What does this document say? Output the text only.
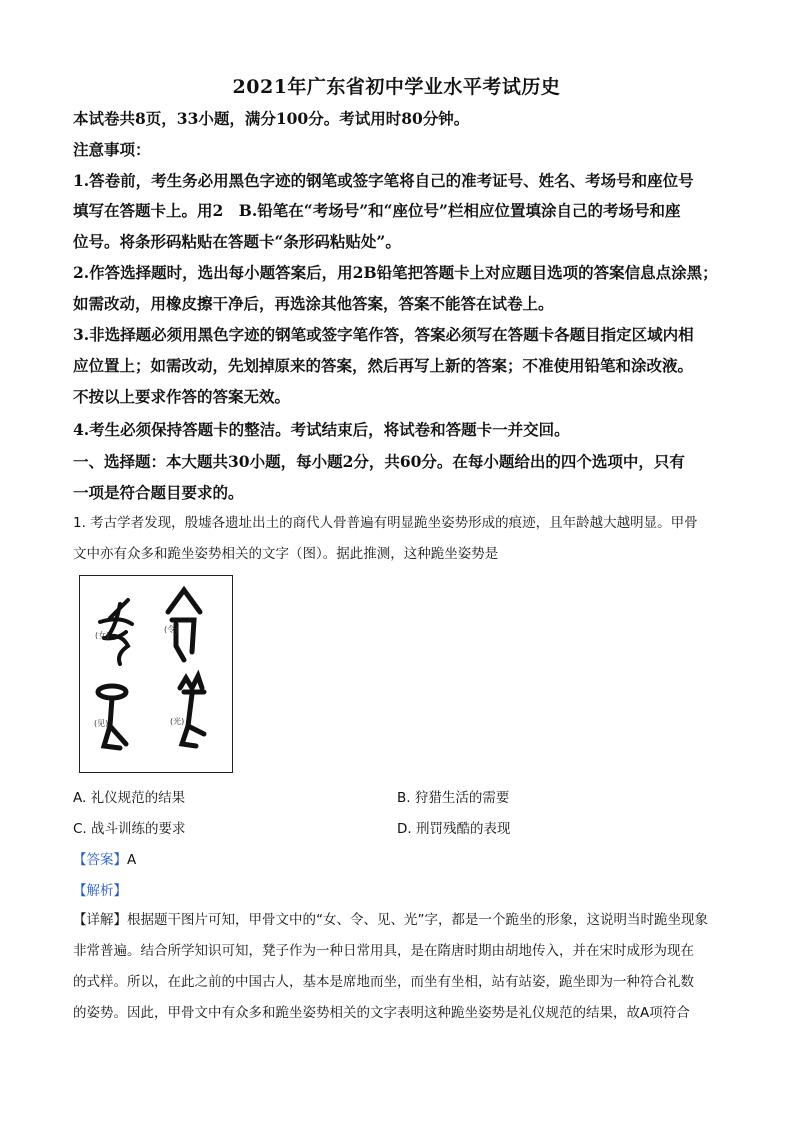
2021年广东省初中学业水平考试历史
本试卷共8页，33小题，满分100分。考试用时80分钟。
注意事项：
1.答卷前，考生务必用黑色字迹的钢笔或签字笔将自己的准考证号、姓名、考场号和座位号
填写在答题卡上。用2　B.铅笔在“考场号”和“座位号”栏相应位置填涂自己的考场号和座
位号。将条形码粘贴在答题卡“条形码粘贴处”。
2.作答选择题时，选出每小题答案后，用2B铅笔把答题卡上对应题目选项的答案信息点涂黑；
如需改动，用橡皮擦干净后，再选涂其他答案，答案不能答在试卷上。
3.非选择题必须用黑色字迹的钢笔或签字笔作答，答案必须写在答题卡各题目指定区域内相
应位置上；如需改动，先划掉原来的答案，然后再写上新的答案；不准使用铅笔和涂改液。
不按以上要求作答的答案无效。
4.考生必须保持答题卡的整洁。考试结束后，将试卷和答题卡一并交回。
一、选择题：本大题共30小题，每小题2分，共60分。在每小题给出的四个选项中，只有
一项是符合题目要求的。
1. 考古学者发现，殷墟各遗址出土的商代人骨普遍有明显跪坐姿势形成的痕迹，且年龄越大越明显。甲骨
文中亦有众多和跪坐姿势相关的文字（图）。据此推测，这种跪坐姿势是
(女)
(令)
(见)	(光)
A. 礼仪规范的结果	B. 狩猎生活的需要
C. 战斗训练的要求	D. 刑罚残酷的表现
【答案】A
【解析】
【详解】根据题干图片可知，甲骨文中的“女、令、见、光”字，都是一个跪坐的形象，这说明当时跪坐现象
非常普遍。结合所学知识可知，凳子作为一种日常用具，是在隋唐时期由胡地传入，并在宋时成形为现在
的式样。所以，在此之前的中国古人，基本是席地而坐，而坐有坐相，站有站姿，跪坐即为一种符合礼数
的姿势。因此，甲骨文中有众多和跪坐姿势相关的文字表明这种跪坐姿势是礼仪规范的结果，故A项符合
